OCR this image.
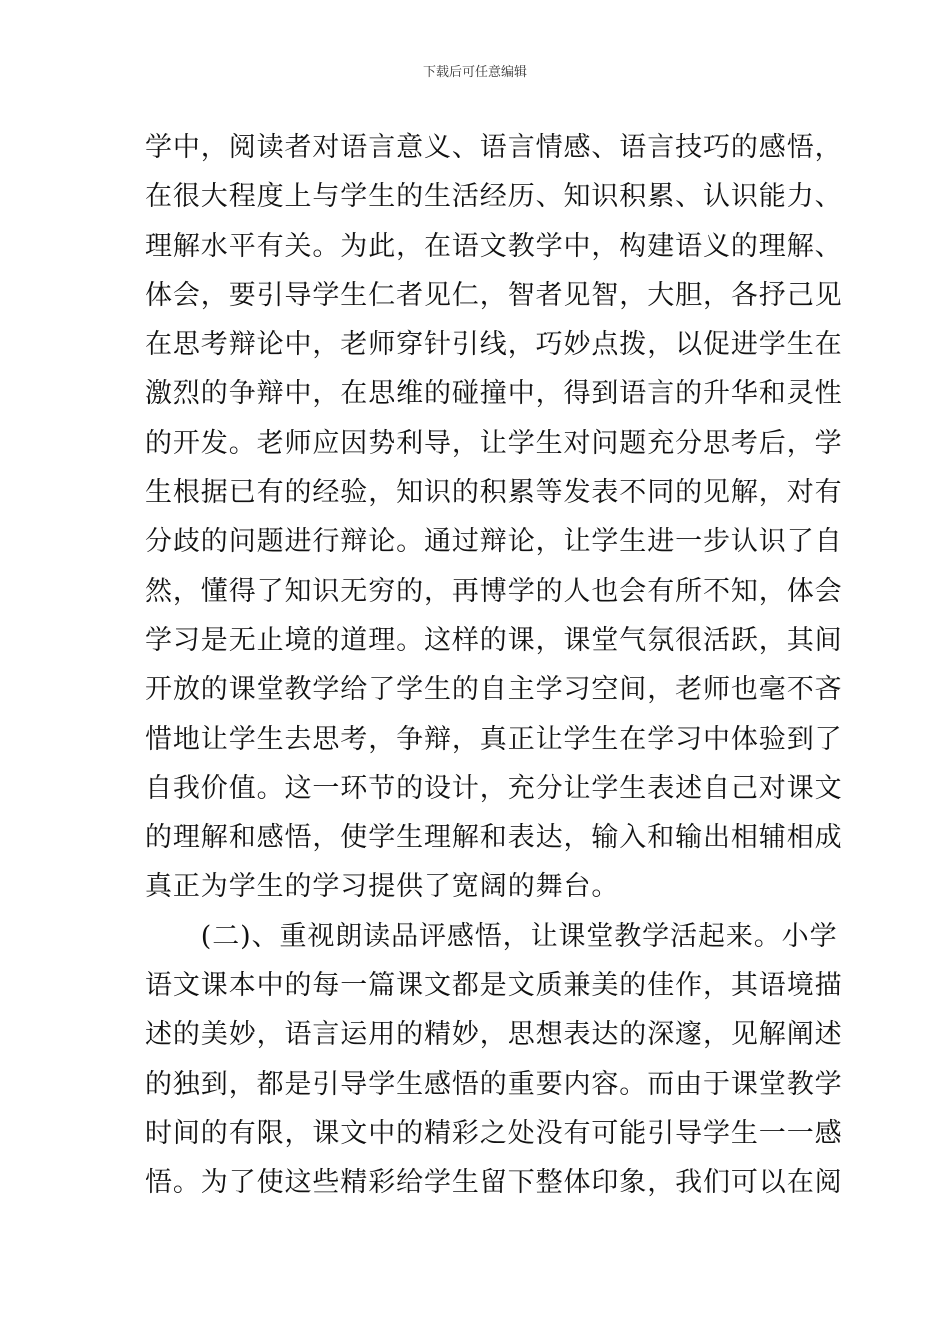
下载后可任意编辑
学中，阅读者对语言意义、语言情感、语言技巧的感悟，
在很大程度上与学生的生活经历、知识积累、认识能力、
理解水平有关。为此，在语文教学中，构建语义的理解、
体会，要引导学生仁者见仁，智者见智，大胆，各抒己见
在思考辩论中，老师穿针引线，巧妙点拨，以促进学生在
激烈的争辩中，在思维的碰撞中，得到语言的升华和灵性
的开发。老师应因势利导，让学生对问题充分思考后，学
生根据已有的经验，知识的积累等发表不同的见解，对有
分歧的问题进行辩论。通过辩论，让学生进一步认识了自
然，懂得了知识无穷的，再博学的人也会有所不知，体会
学习是无止境的道理。这样的课，课堂气氛很活跃，其间
开放的课堂教学给了学生的自主学习空间，老师也毫不吝
惜地让学生去思考，争辩，真正让学生在学习中体验到了
自我价值。这一环节的设计，充分让学生表述自己对课文
的理解和感悟，使学生理解和表达，输入和输出相辅相成
真正为学生的学习提供了宽阔的舞台。
　　(二)、重视朗读品评感悟，让课堂教学活起来。小学
语文课本中的每一篇课文都是文质兼美的佳作，其语境描
述的美妙，语言运用的精妙，思想表达的深邃，见解阐述
的独到，都是引导学生感悟的重要内容。而由于课堂教学
时间的有限，课文中的精彩之处没有可能引导学生一一感
悟。为了使这些精彩给学生留下整体印象，我们可以在阅
